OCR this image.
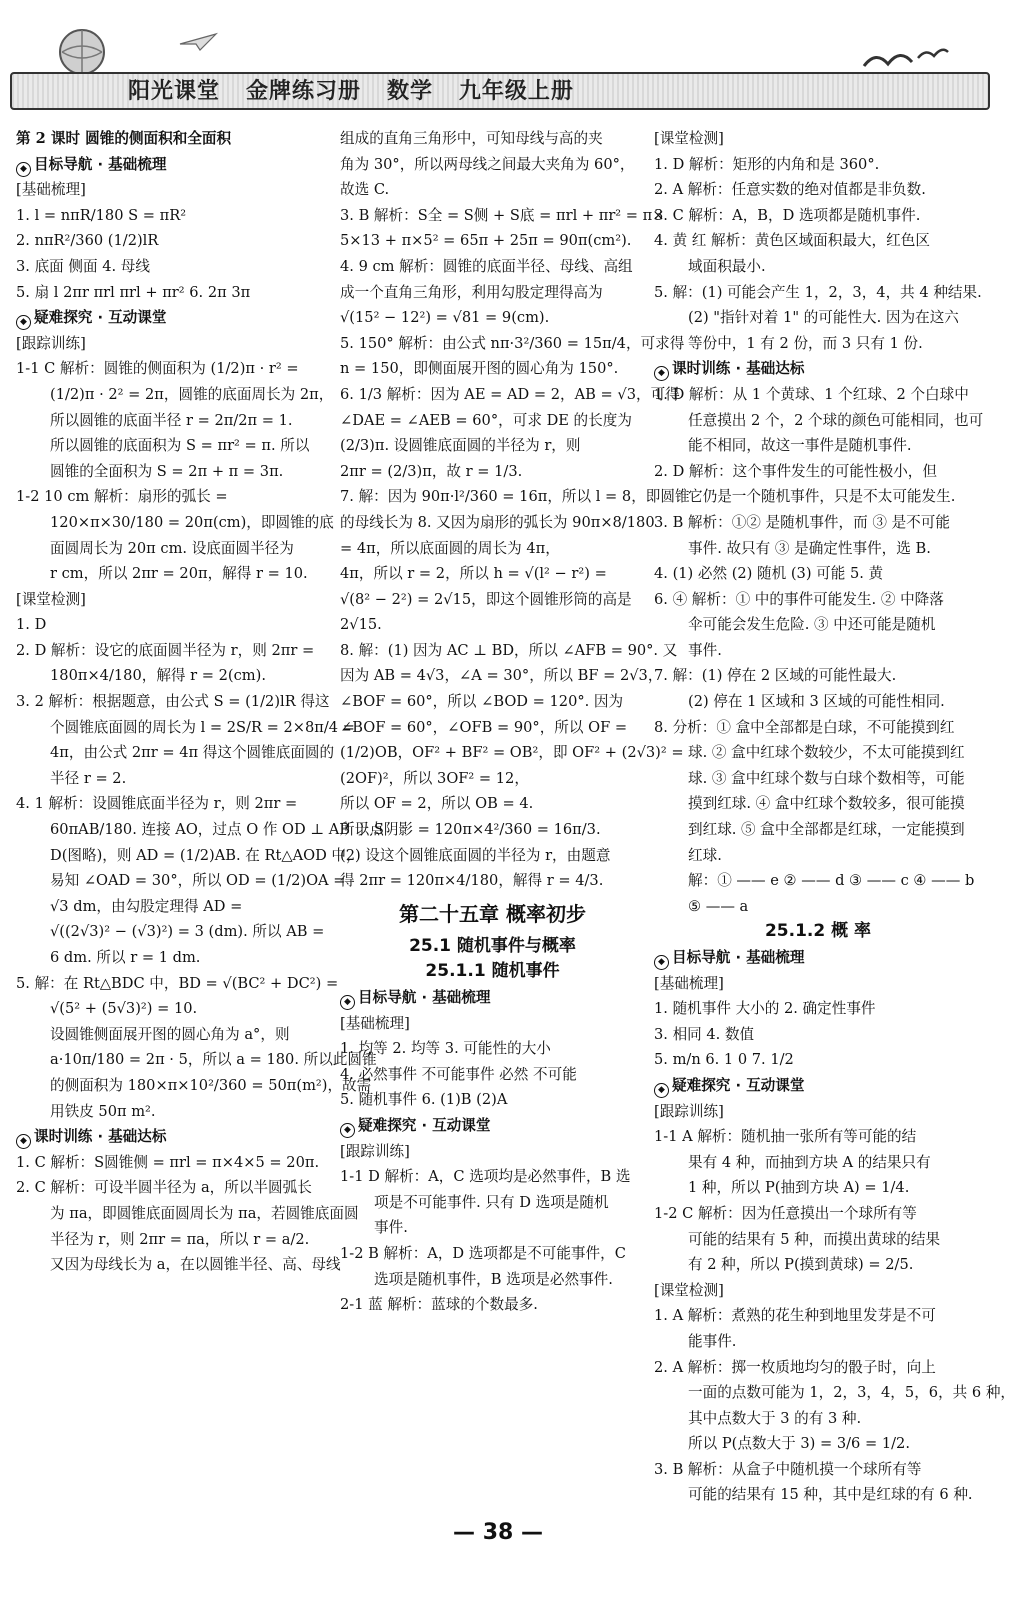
阳光课堂   金牌练习册   数学   九年级上册
第 2 课时 圆锥的侧面积和全面积
◆ 目标导航 · 基础梳理
[基础梳理]
1. l = nπR/180 S = πR²
2. nπR²/360 (1/2)lR
3. 底面 侧面 4. 母线
5. 扇 l 2πr πrl πrl + πr² 6. 2π 3π
◆ 疑难探究 · 互动课堂
[跟踪训练]
1-1 C 解析：圆锥的侧面积为 (1/2)π · r² =
(1/2)π · 2² = 2π，圆锥的底面周长为 2π，
所以圆锥的底面半径 r = 2π/2π = 1.
所以圆锥的底面积为 S = πr² = π. 所以
圆锥的全面积为 S = 2π + π = 3π.
1-2 10 cm 解析：扇形的弧长 =
120×π×30/180 = 20π(cm)，即圆锥的底
面圆周长为 20π cm. 设底面圆半径为
r cm，所以 2πr = 20π，解得 r = 10.
[课堂检测]
1. D
2. D 解析：设它的底面圆半径为 r，则 2πr =
180π×4/180，解得 r = 2(cm).
3. 2 解析：根据题意，由公式 S = (1/2)lR 得这
个圆锥底面圆的周长为 l = 2S/R = 2×8π/4 =
4π，由公式 2πr = 4π 得这个圆锥底面圆的
半径 r = 2.
4. 1 解析：设圆锥底面半径为 r，则 2πr =
60πAB/180. 连接 AO，过点 O 作 OD ⊥ AB 于点
D(图略)，则 AD = (1/2)AB. 在 Rt△AOD 中，
易知 ∠OAD = 30°，所以 OD = (1/2)OA =
√3 dm，由勾股定理得 AD =
√((2√3)² − (√3)²) = 3 (dm). 所以 AB =
6 dm. 所以 r = 1 dm.
5. 解：在 Rt△BDC 中，BD = √(BC² + DC²) =
√(5² + (5√3)²) = 10.
设圆锥侧面展开图的圆心角为 a°，则
a·10π/180 = 2π · 5，所以 a = 180. 所以此圆锥
的侧面积为 180×π×10²/360 = 50π(m²)，故需
用铁皮 50π m².
◆ 课时训练 · 基础达标
1. C 解析：S圆锥侧 = πrl = π×4×5 = 20π.
2. C 解析：可设半圆半径为 a，所以半圆弧长
为 πa，即圆锥底面圆周长为 πa，若圆锥底面圆
半径为 r，则 2πr = πa，所以 r = a/2.
又因为母线长为 a，在以圆锥半径、高、母线
组成的直角三角形中，可知母线与高的夹
角为 30°，所以两母线之间最大夹角为 60°，
故选 C.
3. B 解析：S全 = S侧 + S底 = πrl + πr² = π×
5×13 + π×5² = 65π + 25π = 90π(cm²).
4. 9 cm 解析：圆锥的底面半径、母线、高组
成一个直角三角形，利用勾股定理得高为
√(15² − 12²) = √81 = 9(cm).
5. 150° 解析：由公式 nπ·3²/360 = 15π/4，可求得
n = 150，即侧面展开图的圆心角为 150°.
6. 1/3 解析：因为 AE = AD = 2，AB = √3，可得
∠DAE = ∠AEB = 60°，可求 DE 的长度为
(2/3)π. 设圆锥底面圆的半径为 r，则
2πr = (2/3)π，故 r = 1/3.
7. 解：因为 90π·l²/360 = 16π，所以 l = 8，即圆锥
的母线长为 8. 又因为扇形的弧长为 90π×8/180
= 4π，所以底面圆的周长为 4π，
4π，所以 r = 2，所以 h = √(l² − r²) =
√(8² − 2²) = 2√15，即这个圆锥形筒的高是
2√15.
8. 解：(1) 因为 AC ⊥ BD，所以 ∠AFB = 90°. 又
因为 AB = 4√3，∠A = 30°，所以 BF = 2√3，
∠BOF = 60°，所以 ∠BOD = 120°. 因为
∠BOF = 60°，∠OFB = 90°，所以 OF =
(1/2)OB，OF² + BF² = OB²，即 OF² + (2√3)² =
(2OF)²，所以 3OF² = 12，
所以 OF = 2，所以 OB = 4.
所以 S阴影 = 120π×4²/360 = 16π/3.
(2) 设这个圆锥底面圆的半径为 r，由题意
得 2πr = 120π×4/180，解得 r = 4/3.
第二十五章 概率初步
25.1 随机事件与概率
25.1.1 随机事件
◆ 目标导航 · 基础梳理
[基础梳理]
1. 均等 2. 均等 3. 可能性的大小
4. 必然事件 不可能事件 必然 不可能
5. 随机事件 6. (1)B (2)A
◆ 疑难探究 · 互动课堂
[跟踪训练]
1-1 D 解析：A，C 选项均是必然事件，B 选
项是不可能事件. 只有 D 选项是随机
事件.
1-2 B 解析：A，D 选项都是不可能事件，C
选项是随机事件，B 选项是必然事件.
2-1 蓝 解析：蓝球的个数最多.
[课堂检测]
1. D 解析：矩形的内角和是 360°.
2. A 解析：任意实数的绝对值都是非负数.
3. C 解析：A，B，D 选项都是随机事件.
4. 黄 红 解析：黄色区域面积最大，红色区
域面积最小.
5. 解：(1) 可能会产生 1，2，3，4，共 4 种结果.
(2) "指针对着 1" 的可能性大. 因为在这六
等份中，1 有 2 份，而 3 只有 1 份.
◆ 课时训练 · 基础达标
1. D 解析：从 1 个黄球、1 个红球、2 个白球中
任意摸出 2 个，2 个球的颜色可能相同，也可
能不相同，故这一事件是随机事件.
2. D 解析：这个事件发生的可能性极小，但
它仍是一个随机事件，只是不太可能发生.
3. B 解析：①② 是随机事件，而 ③ 是不可能
事件. 故只有 ③ 是确定性事件，选 B.
4. (1) 必然 (2) 随机 (3) 可能 5. 黄
6. ④ 解析：① 中的事件可能发生. ② 中降落
伞可能会发生危险. ③ 中还可能是随机
事件.
7. 解：(1) 停在 2 区域的可能性最大.
(2) 停在 1 区域和 3 区域的可能性相同.
8. 分析：① 盒中全部都是白球，不可能摸到红
球. ② 盒中红球个数较少，不太可能摸到红
球. ③ 盒中红球个数与白球个数相等，可能
摸到红球. ④ 盒中红球个数较多，很可能摸
到红球. ⑤ 盒中全部都是红球，一定能摸到
红球.
解：① —— e ② —— d ③ —— c ④ —— b
⑤ —— a
25.1.2 概 率
◆ 目标导航 · 基础梳理
[基础梳理]
1. 随机事件 大小的 2. 确定性事件
3. 相同 4. 数值
5. m/n 6. 1 0 7. 1/2
◆ 疑难探究 · 互动课堂
[跟踪训练]
1-1 A 解析：随机抽一张所有等可能的结
果有 4 种，而抽到方块 A 的结果只有
1 种，所以 P(抽到方块 A) = 1/4.
1-2 C 解析：因为任意摸出一个球所有等
可能的结果有 5 种，而摸出黄球的结果
有 2 种，所以 P(摸到黄球) = 2/5.
[课堂检测]
1. A 解析：煮熟的花生种到地里发芽是不可
能事件.
2. A 解析：掷一枚质地均匀的骰子时，向上
一面的点数可能为 1，2，3，4，5，6，共 6 种，
其中点数大于 3 的有 3 种.
所以 P(点数大于 3) = 3/6 = 1/2.
3. B 解析：从盒子中随机摸一个球所有等
可能的结果有 15 种，其中是红球的有 6 种.
— 38 —
